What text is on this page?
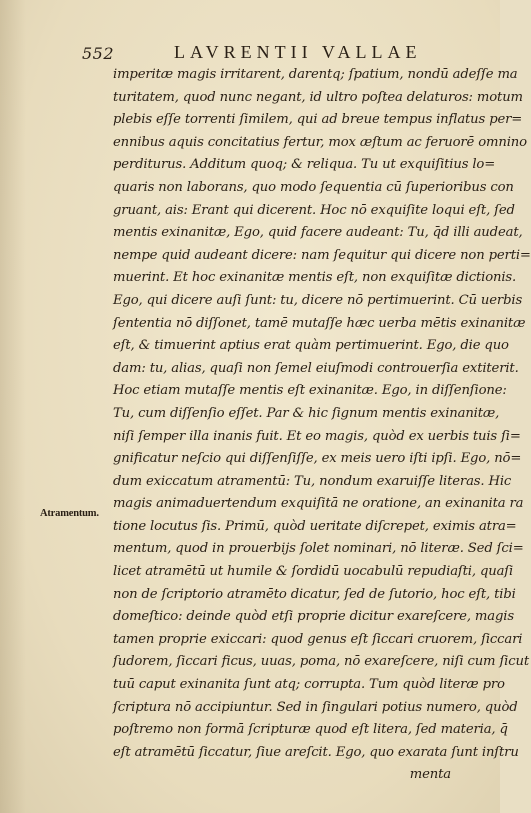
552	LAVRENTII VALLAE
Atramentum.
imperitæ magis irritarent, darentq; ſpatium, nondū adeſſe ma
turitatem, quod nunc negant, id ultro poſtea delaturos: motum
plebis eſſe torrenti ſimilem, qui ad breue tempus inflatus per=
ennibus aquis concitatius fertur, mox æſtum ac feruorē omnino
perditurus. Additum quoq; & reliqua. Tu ut exquiſitius lo=
quaris non laborans, quo modo ſequentia cū ſuperioribus con
gruant, ais: Erant qui dicerent. Hoc nō exquiſite loqui eſt, ſed
mentis exinanitæ, Ego, quid facere audeant: Tu, q̄d illi audeat,
nempe quid audeant dicere: nam ſequitur qui dicere non perti=
muerint. Et hoc exinanitæ mentis eſt, non exquiſitæ dictionis.
Ego, qui dicere auſi ſunt: tu, dicere nō pertimuerint. Cū uerbis
ſententia nō diſſonet, tamē mutaſſe hæc uerba mētis exinanitæ
eſt, & timuerint aptius erat quàm pertimuerint. Ego, die quo
dam: tu, alias, quaſi non ſemel eiuſmodi controuerſia extiterit.
Hoc etiam mutaſſe mentis eſt exinanitæ. Ego, in diſſenſione:
Tu, cum diſſenſio eſſet. Par & hic ſignum mentis exinanitæ,
niſi ſemper illa inanis fuit. Et eo magis, quòd ex uerbis tuis ſi=
gnificatur neſcio qui diſſenſiſſe, ex meis uero iſti ipſi. Ego, nō=
dum exiccatum atramentū: Tu, nondum exaruiſſe literas. Hic
magis animaduertendum exquiſitā ne oratione, an exinanita ra
tione locutus ſis. Primū, quòd ueritate diſcrepet, eximis atra=
mentum, quod in prouerbijs ſolet nominari, nō literæ. Sed ſci=
licet atramētū ut humile & ſordidū uocabulū repudiaſti, quaſi
non de ſcriptorio atramēto dicatur, ſed de ſutorio, hoc eſt, tibi
domeſtico: deinde quòd etſi proprie dicitur exareſcere, magis
tamen proprie exiccari: quod genus eſt ſiccari cruorem, ſiccari
ſudorem, ſiccari ficus, uuas, poma, nō exareſcere, niſi cum ſicut
tuū caput exinanita ſunt atq; corrupta. Tum quòd literæ pro
ſcriptura nō accipiuntur. Sed in ſingulari potius numero, quòd
poſtremo non formā ſcripturæ quod eſt litera, ſed materia, q̄
eſt atramētū ſiccatur, ſiue areſcit. Ego, quo exarata ſunt inſtru
menta
